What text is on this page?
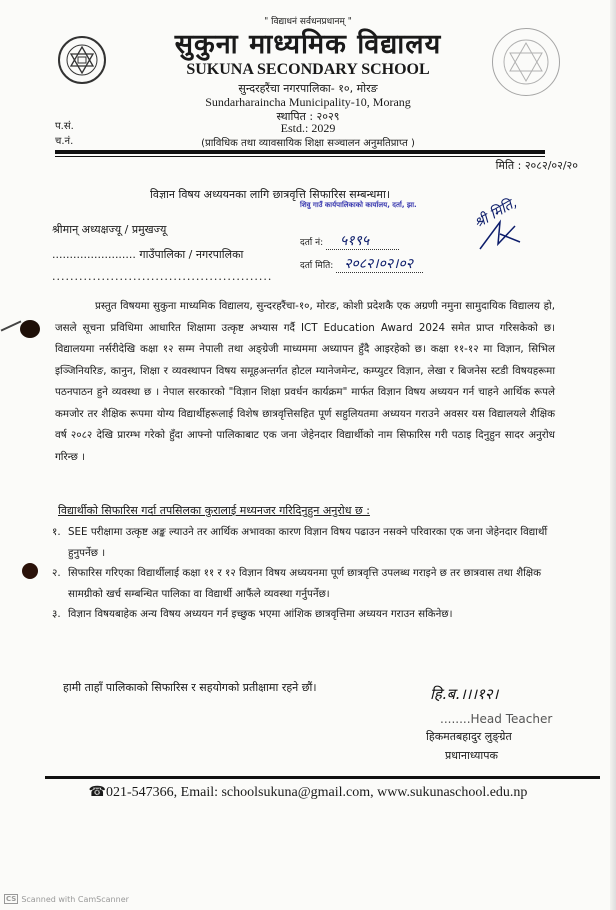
" विद्याधनं सर्वधनप्रधानम् "
सुकुना माध्यमिक विद्यालय
SUKUNA SECONDARY SCHOOL
सुन्दरहरैंचा नगरपालिका- १०, मोरङ
Sundarharaincha Municipality-10, Morang
स्थापित : २०२९
Estd.: 2029
(प्राविधिक तथा व्यावसायिक शिक्षा सञ्चालन अनुमतिप्राप्त )
प.सं.
च.नं.
मिति : २०८२/०२/२०
विज्ञान विषय अध्ययनका लागि छात्रवृत्ति सिफारिस सम्बन्धमा।
शिवु गाउँ कार्यपालिकाको कार्यालय, दर्ता, झा.	श्री मिति,
श्रीमान् अध्यक्षज्यू / प्रमुखज्यू
........................ गाउँपालिका / नगरपालिका
.................................................
दर्ता नं: ५१९५
दर्ता मिति: २०८२।०२।०२
प्रस्तुत विषयमा सुकुना माध्यमिक विद्यालय, सुन्दरहरैंचा-१०, मोरङ, कोशी प्रदेशकै एक अग्रणी नमुना सामुदायिक विद्यालय हो, जसले सूचना प्रविधिमा आधारित शिक्षामा उत्कृष्ट अभ्यास गर्दै ICT Education Award 2024 समेत प्राप्त गरिसकेको छ। विद्यालयमा नर्सरीदेखि कक्षा १२ सम्म नेपाली तथा अङ्ग्रेजी माध्यममा अध्यापन हुँदै आइरहेको छ। कक्षा ११-१२ मा विज्ञान, सिभिल इञ्जिनियरिङ, कानुन, शिक्षा र व्यवस्थापन विषय समूहअन्तर्गत होटल म्यानेजमेन्ट, कम्प्युटर विज्ञान, लेखा र बिजनेस स्टडी विषयहरूमा पठनपाठन हुने व्यवस्था छ । नेपाल सरकारको "विज्ञान शिक्षा प्रवर्धन कार्यक्रम" मार्फत विज्ञान विषय अध्ययन गर्न चाहने आर्थिक रूपले कमजोर तर शैक्षिक रूपमा योग्य विद्यार्थीहरूलाई विशेष छात्रवृत्तिसहित पूर्ण सहुलियतमा अध्ययन गराउने अवसर यस विद्यालयले शैक्षिक वर्ष २०८२ देखि प्रारम्भ गरेको हुँदा आफ्नो पालिकाबाट एक जना जेहेनदार विद्यार्थीको नाम सिफारिस गरी पठाइ दिनुहुन सादर अनुरोध गरिन्छ ।
विद्यार्थीको सिफारिस गर्दा तपसिलका कुरालाई मध्यनजर गरिदिनुहुन अनुरोध छ :
१. SEE परीक्षामा उत्कृष्ट अङ्क ल्याउने तर आर्थिक अभावका कारण विज्ञान विषय पढाउन नसक्ने परिवारका एक जना जेहेनदार विद्यार्थी हुनुपर्नेछ ।
२. सिफारिस गरिएका विद्यार्थीलाई कक्षा ११ र १२ विज्ञान विषय अध्ययनमा पूर्ण छात्रवृत्ति उपलब्ध गराइने छ तर छात्रवास तथा शैक्षिक सामग्रीको खर्च सम्बन्धित पालिका वा विद्यार्थी आफैंले व्यवस्था गर्नुपर्नेछ।
३. विज्ञान विषयबाहेक अन्य विषय अध्ययन गर्न इच्छुक भएमा आंशिक छात्रवृत्तिमा अध्ययन गराउन सकिनेछ।
हामी ताहाँ पालिकाको सिफारिस र सहयोगको प्रतीक्षामा रहने छौं।	हि.ब.।।।१२।
........Head Teacher
हिकमतबहादुर लुङ्ग्रेत
प्रधानाध्यापक
☎021-547366, Email: schoolsukuna@gmail.com, www.sukunaschool.edu.np
CS Scanned with CamScanner
